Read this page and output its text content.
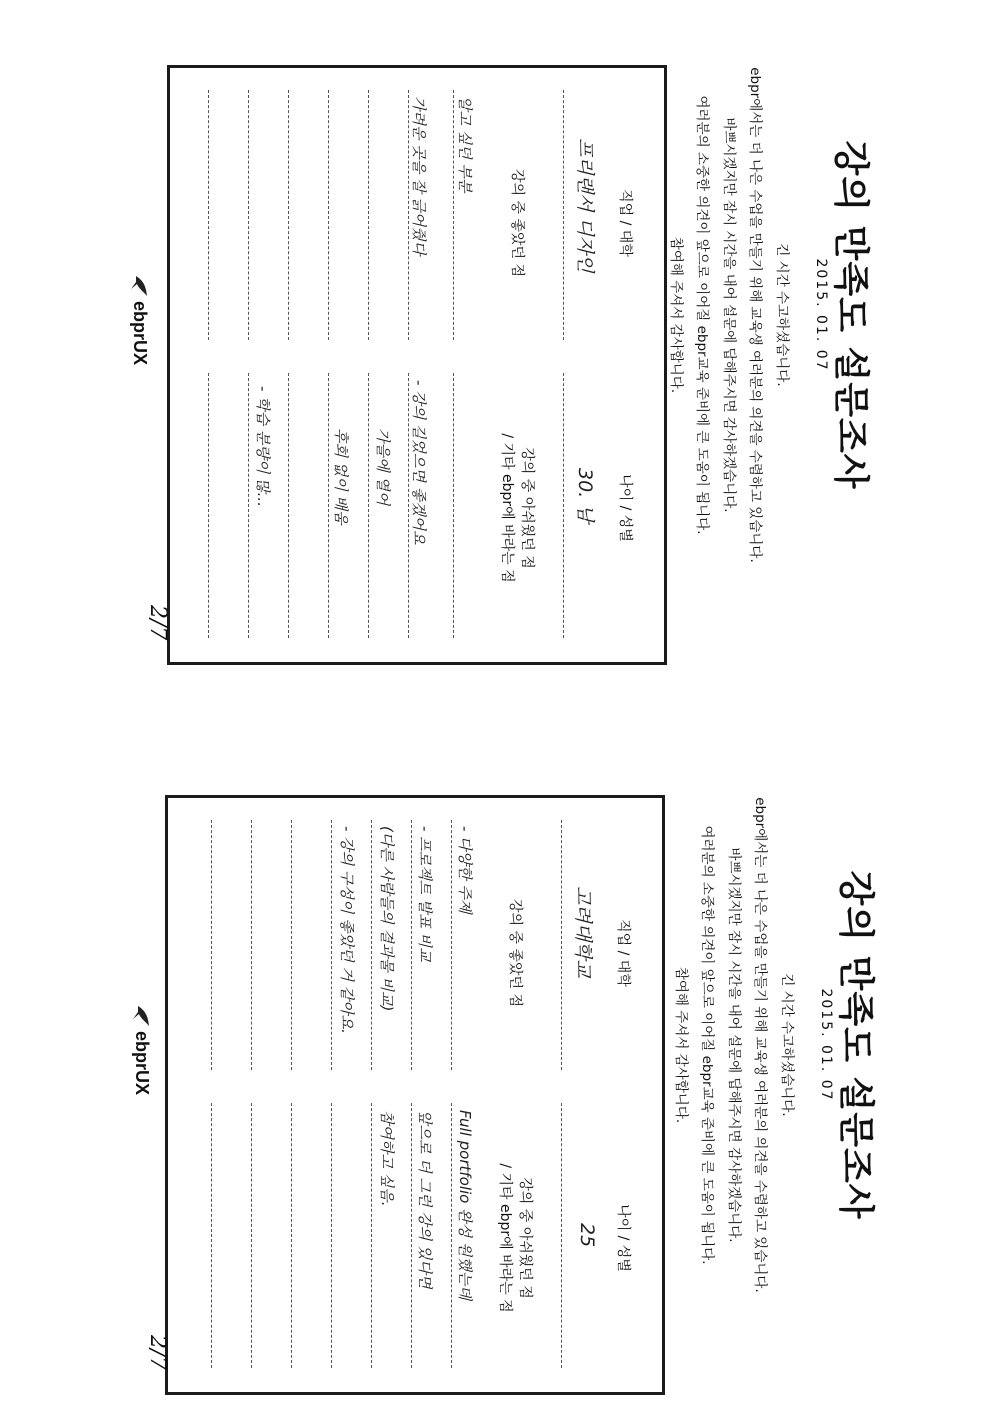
강의 만족도 설문조사
2015. 01. 07
긴 시간 수고하셨습니다.
ebpr에서는 더 나은 수업을 만들기 위해 교육생 여러분의 의견을 수렴하고 있습니다.
바쁘시겠지만 잠시 시간을 내어 설문에 답해주시면 감사하겠습니다.
여러분의 소중한 의견이 앞으로 이어질 ebpr교육 준비에 큰 도움이 됩니다.
참여해 주셔서 감사합니다.
직업 / 대학
나이 / 성별
프리랜서 디자인
30. 남
강의 중 좋았던 점
강의 중 아쉬웠던 점
/ 기타 ebpr에 바라는 점
알고 싶던 부분
가려운 곳을 잘 긁어줬다
- 강의 길었으면 좋겠어요
가을에 열어
후회 없이 배움
- 학습 분량이 많...
2/7
ebprUX
강의 만족도 설문조사
2015. 01. 07
긴 시간 수고하셨습니다.
ebpr에서는 더 나은 수업을 만들기 위해 교육생 여러분의 의견을 수렴하고 있습니다.
바쁘시겠지만 잠시 시간을 내어 설문에 답해주시면 감사하겠습니다.
여러분의 소중한 의견이 앞으로 이어질 ebpr교육 준비에 큰 도움이 됩니다.
참여해 주셔서 감사합니다.
직업 / 대학
나이 / 성별
고려대학교
25
강의 중 좋았던 점
강의 중 아쉬웠던 점
/ 기타 ebpr에 바라는 점
- 다양한 주제
- 프로젝트 발표 비교
(다른 사람들의 결과물 비교)
- 강의 구성이 좋았던 거 같아요.
Full portfolio 완성 원했는데
앞으로 더 그런 강의 있다면
참여하고 싶음.
2/7
ebprUX
